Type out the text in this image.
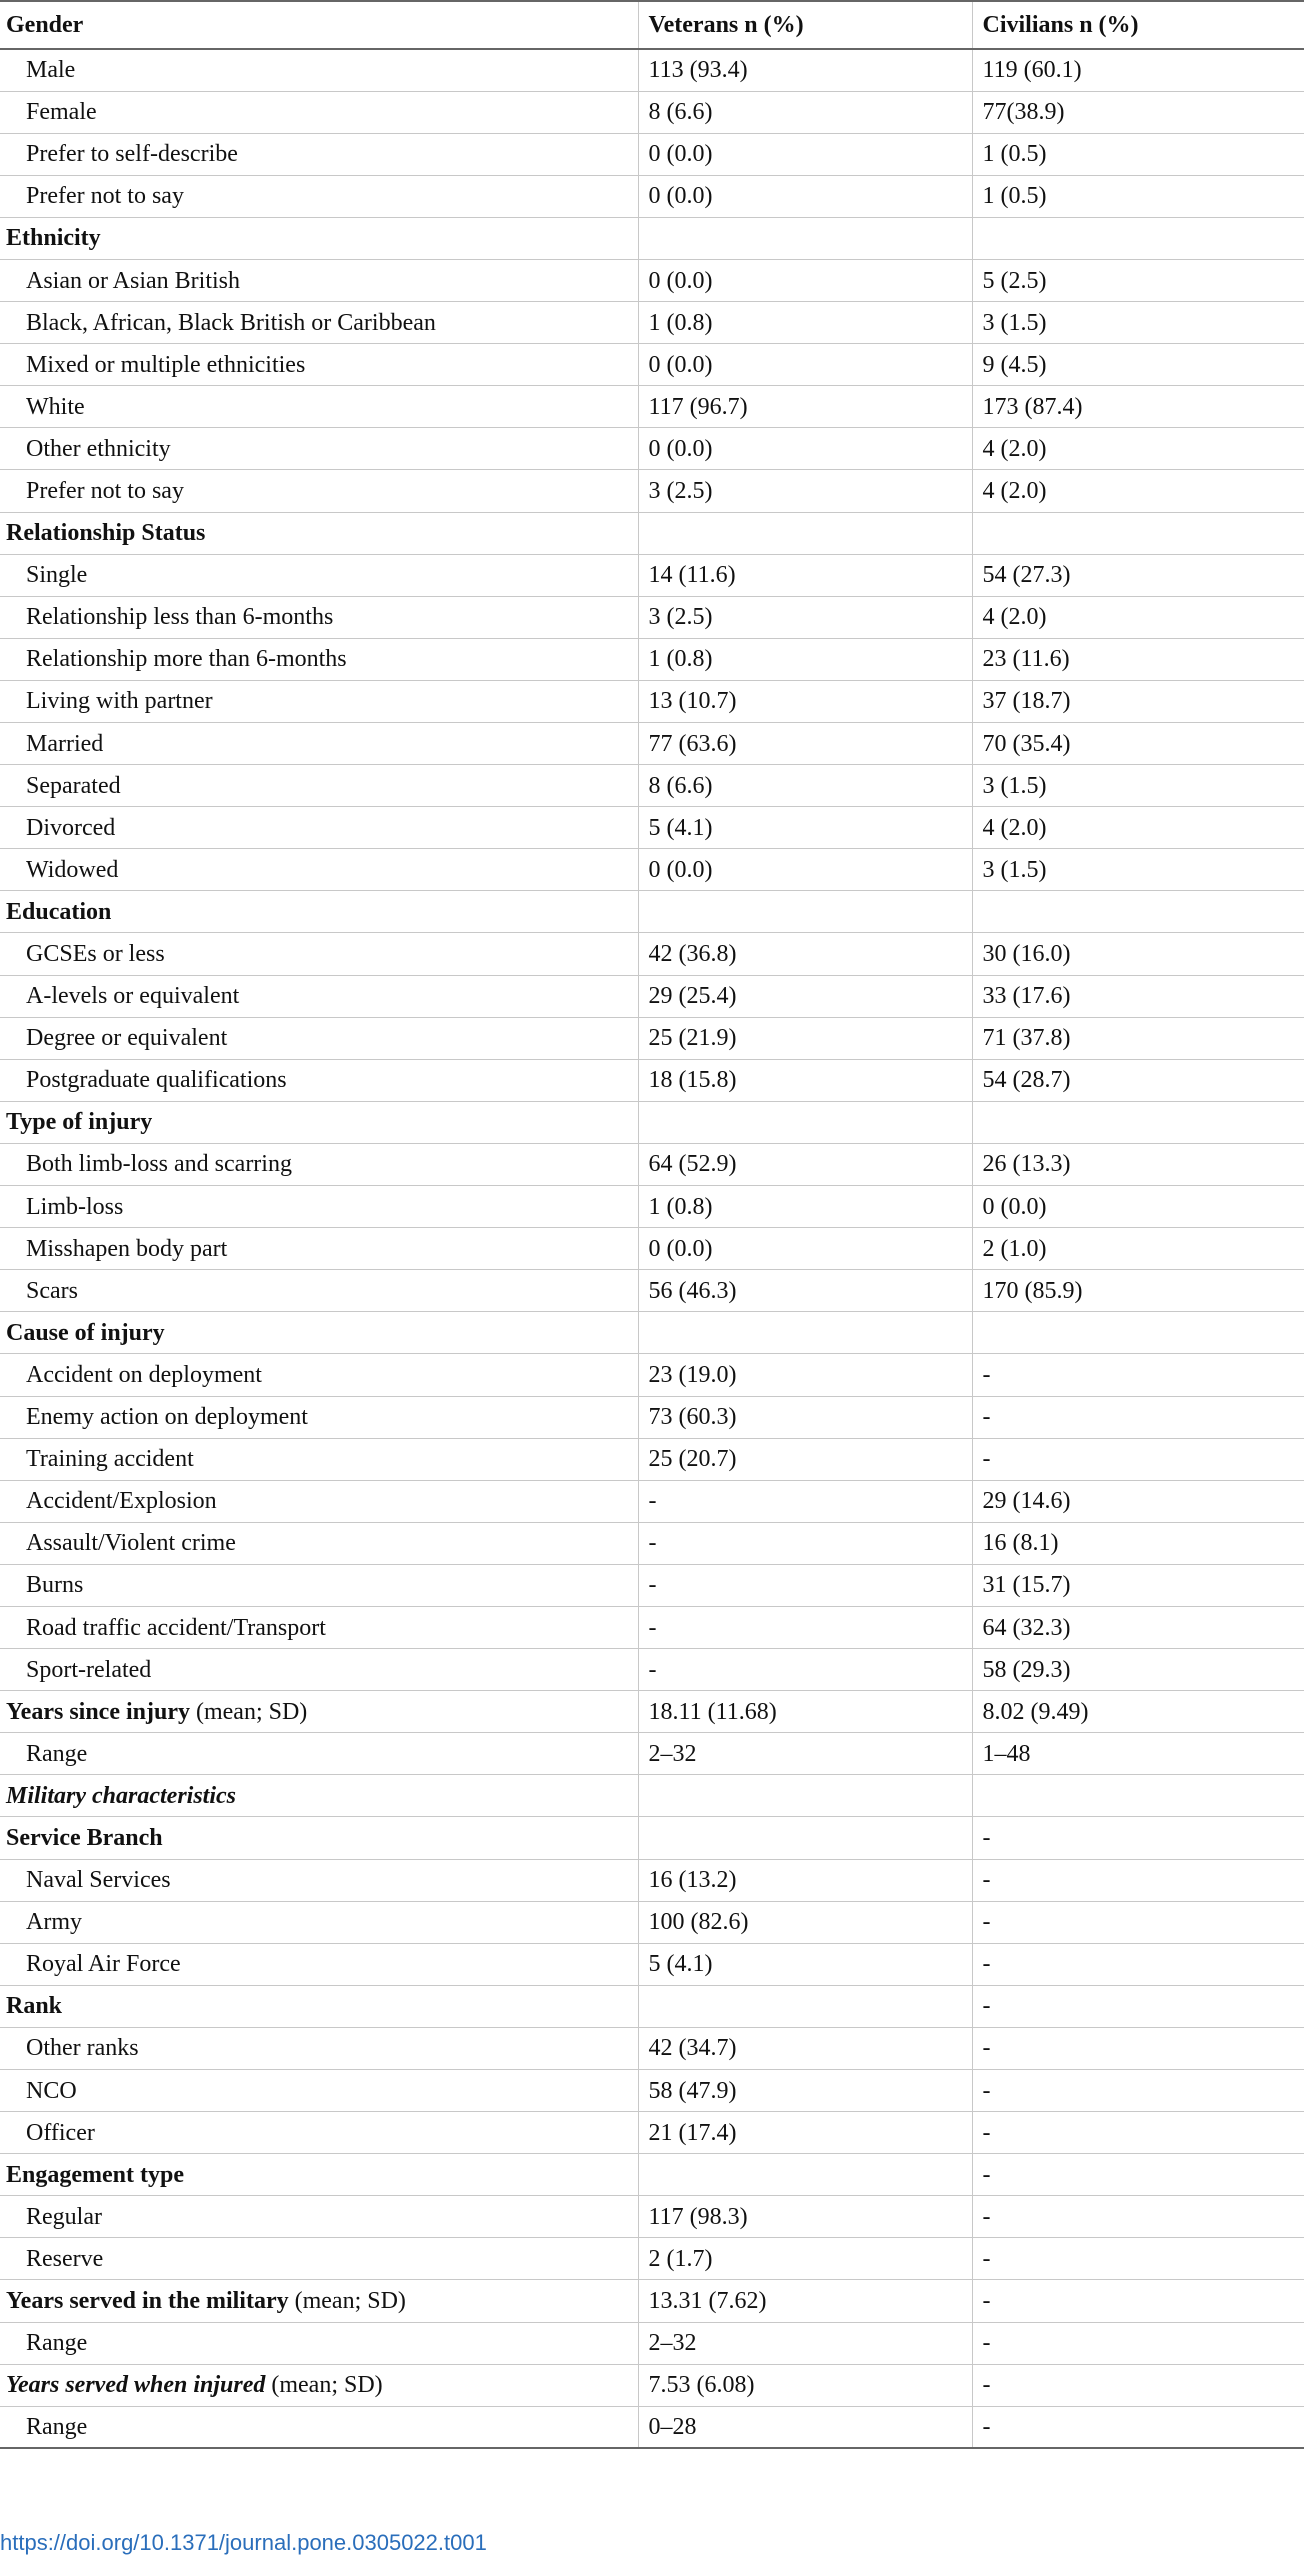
Gender	Veterans n (%)	Civilians n (%)
Male	113 (93.4)	119 (60.1)
Female	8 (6.6)	77(38.9)
Prefer to self-describe	0 (0.0)	1 (0.5)
Prefer not to say	0 (0.0)	1 (0.5)
Ethnicity		
Asian or Asian British	0 (0.0)	5 (2.5)
Black, African, Black British or Caribbean	1 (0.8)	3 (1.5)
Mixed or multiple ethnicities	0 (0.0)	9 (4.5)
White	117 (96.7)	173 (87.4)
Other ethnicity	0 (0.0)	4 (2.0)
Prefer not to say	3 (2.5)	4 (2.0)
Relationship Status		
Single	14 (11.6)	54 (27.3)
Relationship less than 6-months	3 (2.5)	4 (2.0)
Relationship more than 6-months	1 (0.8)	23 (11.6)
Living with partner	13 (10.7)	37 (18.7)
Married	77 (63.6)	70 (35.4)
Separated	8 (6.6)	3 (1.5)
Divorced	5 (4.1)	4 (2.0)
Widowed	0 (0.0)	3 (1.5)
Education		
GCSEs or less	42 (36.8)	30 (16.0)
A-levels or equivalent	29 (25.4)	33 (17.6)
Degree or equivalent	25 (21.9)	71 (37.8)
Postgraduate qualifications	18 (15.8)	54 (28.7)
Type of injury		
Both limb-loss and scarring	64 (52.9)	26 (13.3)
Limb-loss	1 (0.8)	0 (0.0)
Misshapen body part	0 (0.0)	2 (1.0)
Scars	56 (46.3)	170 (85.9)
Cause of injury		
Accident on deployment	23 (19.0)	-
Enemy action on deployment	73 (60.3)	-
Training accident	25 (20.7)	-
Accident/Explosion	-	29 (14.6)
Assault/Violent crime	-	16 (8.1)
Burns	-	31 (15.7)
Road traffic accident/Transport	-	64 (32.3)
Sport-related	-	58 (29.3)
Years since injury (mean; SD)	18.11 (11.68)	8.02 (9.49)
Range	2–32	1–48
Military characteristics		
Service Branch		-
Naval Services	16 (13.2)	-
Army	100 (82.6)	-
Royal Air Force	5 (4.1)	-
Rank		-
Other ranks	42 (34.7)	-
NCO	58 (47.9)	-
Officer	21 (17.4)	-
Engagement type		-
Regular	117 (98.3)	-
Reserve	2 (1.7)	-
Years served in the military (mean; SD)	13.31 (7.62)	-
Range	2–32	-
Years served when injured (mean; SD)	7.53 (6.08)	-
Range	0–28	-
https://doi.org/10.1371/journal.pone.0305022.t001
